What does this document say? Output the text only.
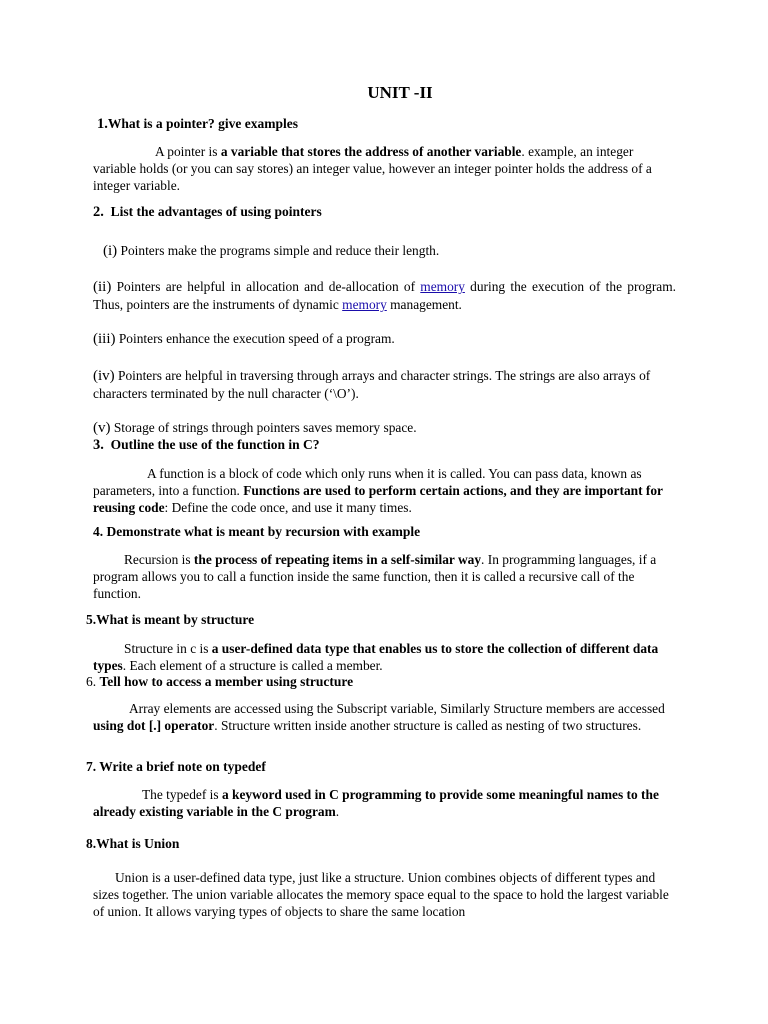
UNIT -II
1.What is a pointer? give examples
A pointer is a variable that stores the address of another variable. example, an integer variable holds (or you can say stores) an integer value, however an integer pointer holds the address of a integer variable.
2. List the advantages of using pointers
(i) Pointers make the programs simple and reduce their length.
(ii) Pointers are helpful in allocation and de-allocation of memory during the execution of the program. Thus, pointers are the instruments of dynamic memory management.
(iii) Pointers enhance the execution speed of a program.
(iv) Pointers are helpful in traversing through arrays and character strings. The strings are also arrays of characters terminated by the null character (‘\O’).
(v) Storage of strings through pointers saves memory space.
3. Outline the use of the function in C?
A function is a block of code which only runs when it is called. You can pass data, known as parameters, into a function. Functions are used to perform certain actions, and they are important for reusing code: Define the code once, and use it many times.
4. Demonstrate what is meant by recursion with example
Recursion is the process of repeating items in a self-similar way. In programming languages, if a program allows you to call a function inside the same function, then it is called a recursive call of the function.
5.What is meant by structure
Structure in c is a user-defined data type that enables us to store the collection of different data types. Each element of a structure is called a member.
6. Tell how to access a member using structure
Array elements are accessed using the Subscript variable, Similarly Structure members are accessed using dot [.] operator. Structure written inside another structure is called as nesting of two structures.
7. Write a brief note on typedef
The typedef is a keyword used in C programming to provide some meaningful names to the already existing variable in the C program.
8.What is Union
Union is a user-defined data type, just like a structure. Union combines objects of different types and sizes together. The union variable allocates the memory space equal to the space to hold the largest variable of union. It allows varying types of objects to share the same location
